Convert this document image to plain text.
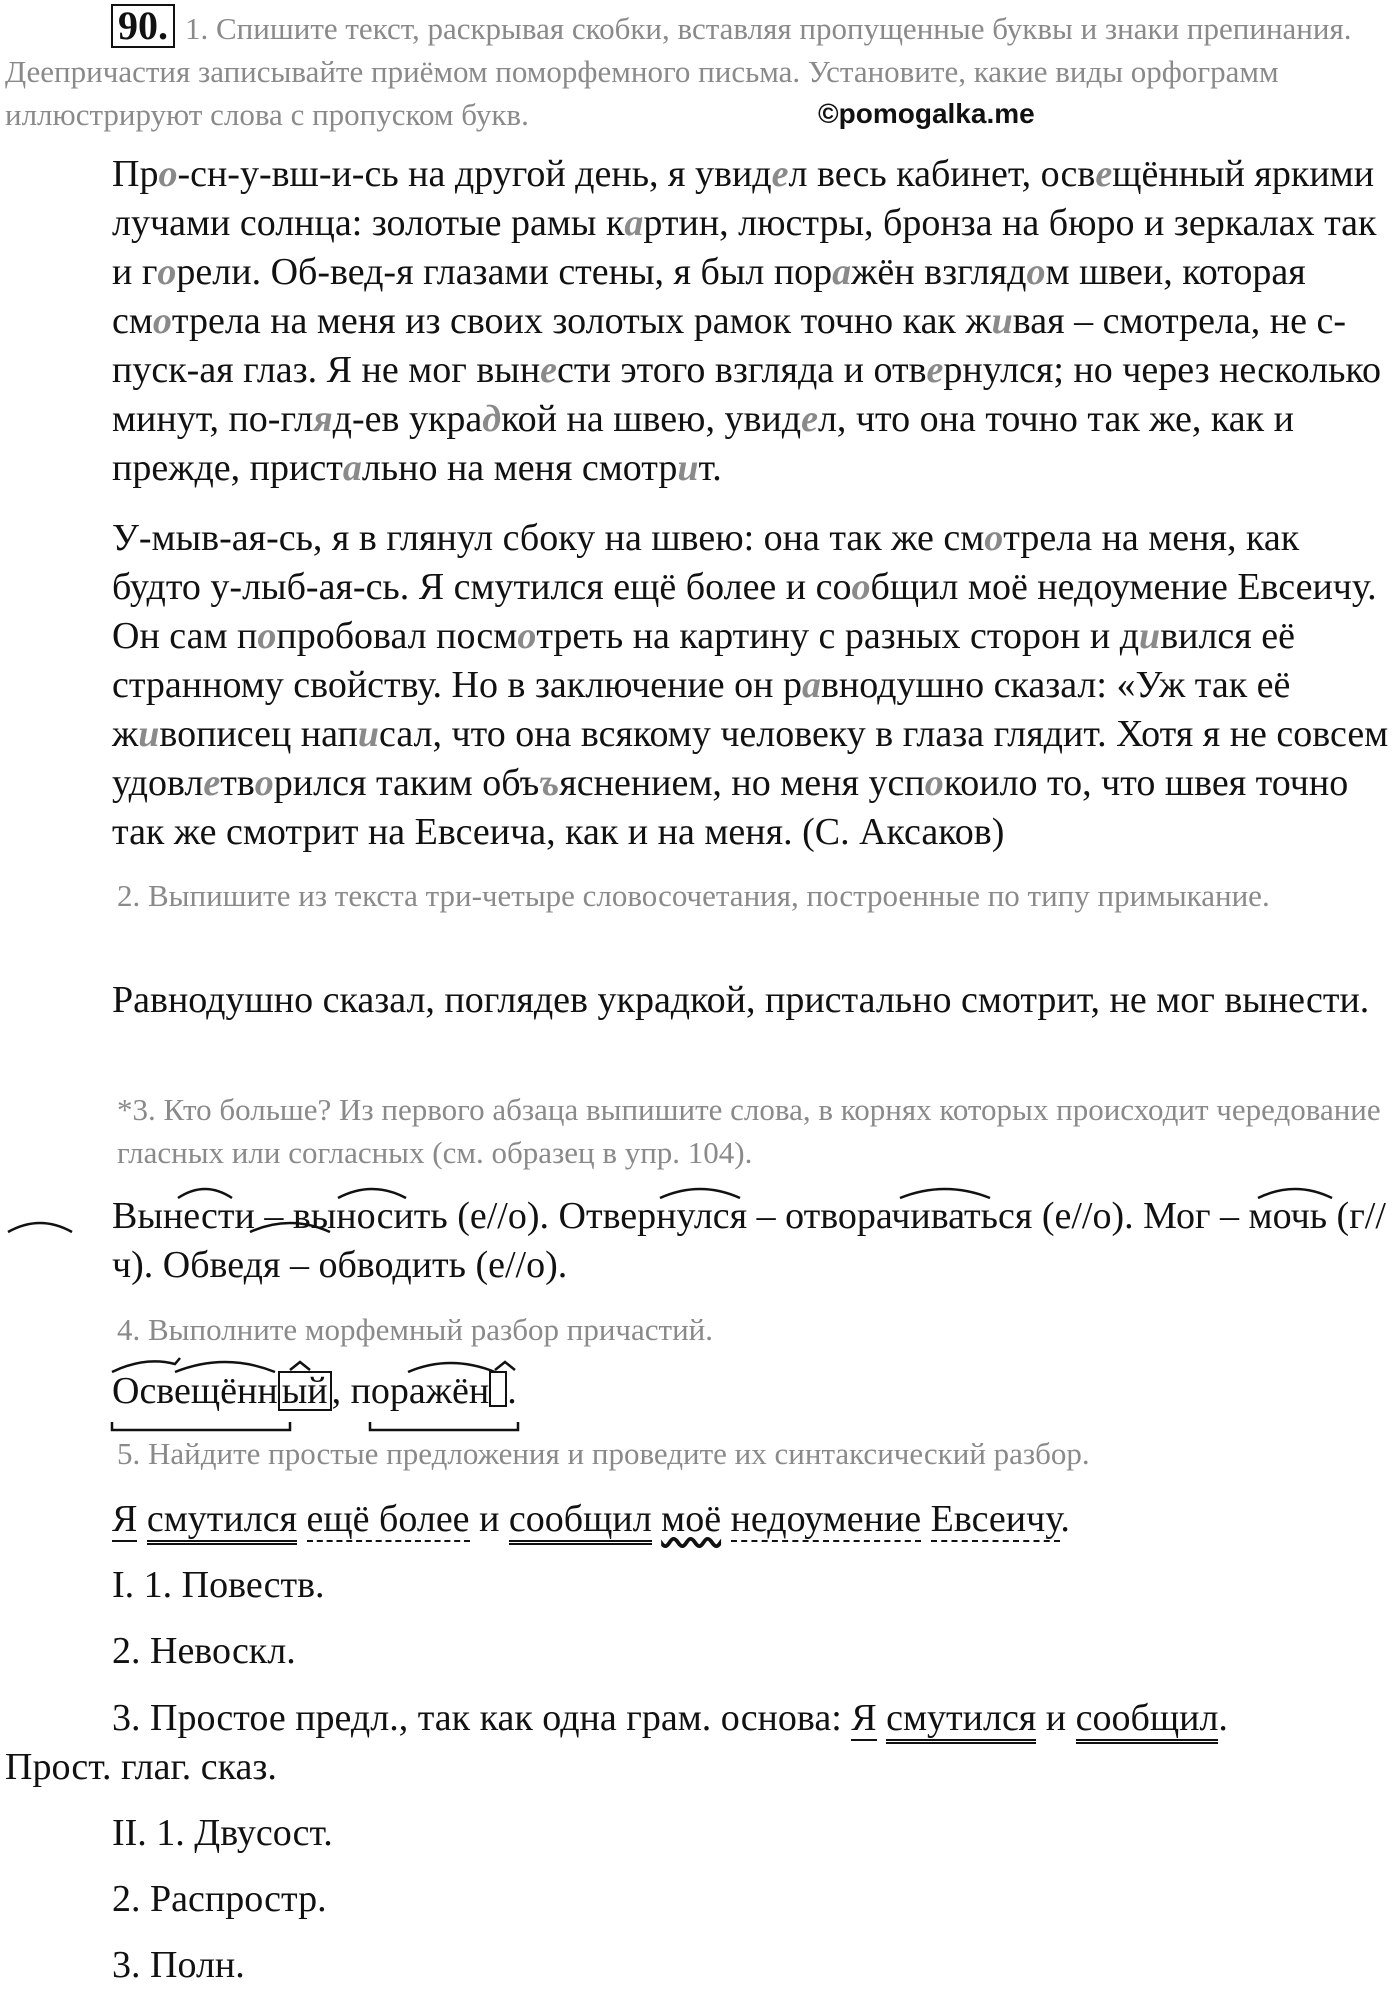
90. 1. Спишите текст, раскрывая скобки, вставляя пропущенные буквы и знаки препинания. Деепричастия записывайте приёмом поморфемного письма. Установите, какие виды орфограмм иллюстрируют слова с пропуском букв.	©pomogalka.me
Про-сн-у-вш-и-сь на другой день, я увидел весь кабинет, освещённый яркими лучами солнца: золотые рамы картин, люстры, бронза на бюро и зеркалах так и горели. Об-вед-я глазами стены, я был поражён взглядом швеи, которая смотрела на меня из своих золотых рамок точно как живая – смотрела, не с-пуск-ая глаз. Я не мог вынести этого взгляда и отвернулся; но через несколько минут, по-гляд-ев украдкой на швею, увидел, что она точно так же, как и прежде, пристально на меня смотрит.
У-мыв-ая-сь, я в глянул сбоку на швею: она так же смотрела на меня, как будто у-лыб-ая-сь. Я смутился ещё более и сообщил моё недоумение Евсеичу. Он сам попробовал посмотреть на картину с разных сторон и дивился её странному свойству. Но в заключение он равнодушно сказал: «Уж так её живописец написал, что она всякому человеку в глаза глядит. Хотя я не совсем удовлетворился таким объъяснением, но меня успокоило то, что швея точно так же смотрит на Евсеича, как и на меня. (С. Аксаков)
2. Выпишите из текста три-четыре словосочетания, построенные по типу примыкание.
Равнодушно сказал, поглядев украдкой, пристально смотрит, не мог вынести.
*3. Кто больше? Из первого абзаца выпишите слова, в корнях которых происходит чередование гласных или согласных (см. образец в упр. 104).
Вынести – выносить (е//о). Отвернулся – отворачиваться (е//о). Мог – мочь (г//ч). Обведя – обводить (е//о).
4. Выполните морфемный разбор причастий.
Освещённ ый , поражён .
5. Найдите простые предложения и проведите их синтаксический разбор.
Я смутился ещё более и сообщил моё недоумение Евсеичу.
I. 1. Повеств.
2. Невоскл.
3. Простое предл., так как одна грам. основа: Я смутился и сообщил.
Прост. глаг. сказ.
II. 1. Двусост.
2. Распростр.
3. Полн.
